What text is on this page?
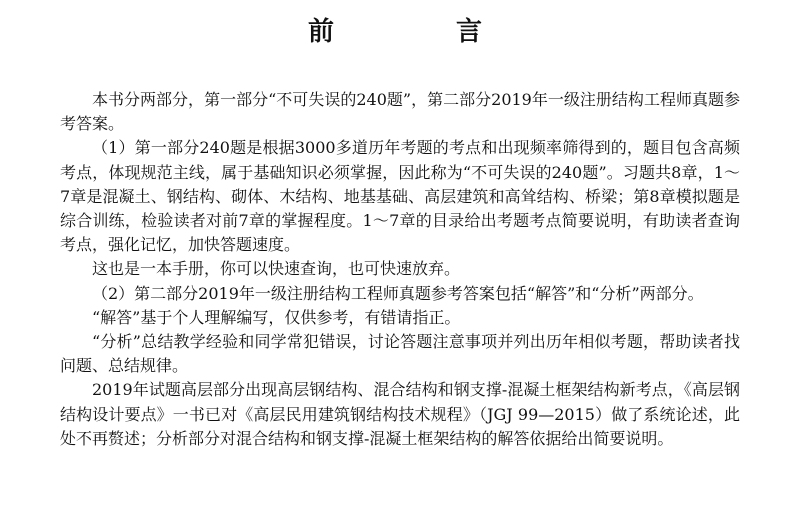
前　言

本书分两部分，第一部分“不可失误的240题”，第二部分2019年一级注册结构工程师真题参考答案。

（1）第一部分240题是根据3000多道历年考题的考点和出现频率筛得到的，题目包含高频考点，体现规范主线，属于基础知识必须掌握，因此称为“不可失误的240题”。习题共8章，1～7章是混凝土、钢结构、砌体、木结构、地基基础、高层建筑和高耸结构、桥梁；第8章模拟题是综合训练，检验读者对前7章的掌握程度。1～7章的目录给出考题考点简要说明，有助读者查询考点，强化记忆，加快答题速度。

这也是一本手册，你可以快速查询，也可快速放弃。

（2）第二部分2019年一级注册结构工程师真题参考答案包括“解答”和“分析”两部分。

“解答”基于个人理解编写，仅供参考，有错请指正。

“分析”总结教学经验和同学常犯错误，讨论答题注意事项并列出历年相似考题，帮助读者找问题、总结规律。

2019年试题高层部分出现高层钢结构、混合结构和钢支撑-混凝土框架结构新考点，《高层钢结构设计要点》一书已对《高层民用建筑钢结构技术规程》（JGJ 99—2015）做了系统论述，此处不再赘述；分析部分对混合结构和钢支撑-混凝土框架结构的解答依据给出简要说明。
